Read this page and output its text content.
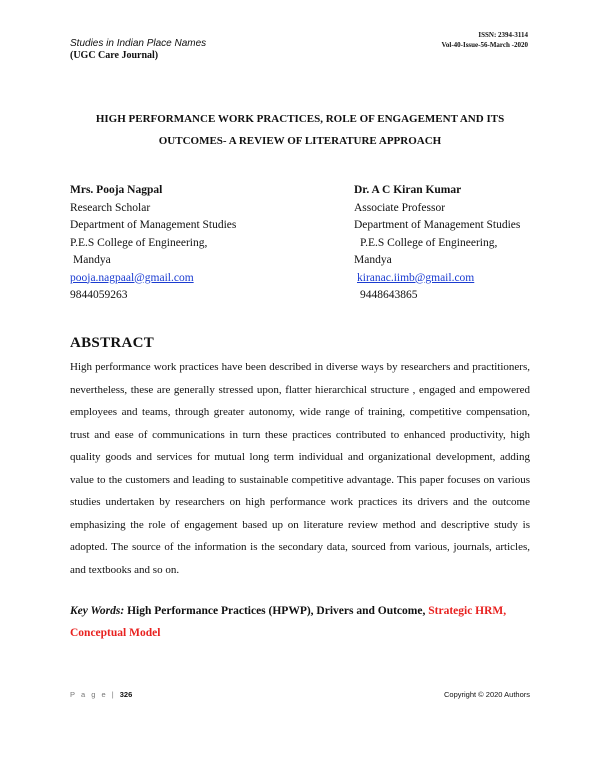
Studies in Indian Place Names
(UGC Care Journal)
ISSN: 2394-3114
Vol-40-Issue-56-March -2020
HIGH PERFORMANCE WORK PRACTICES, ROLE OF ENGAGEMENT AND ITS
OUTCOMES- A REVIEW OF LITERATURE APPROACH
Mrs. Pooja Nagpal
Research Scholar
Department of Management Studies
P.E.S College of Engineering,
Mandya
pooja.nagpaal@gmail.com
9844059263
Dr. A C Kiran Kumar
Associate Professor
Department of Management Studies
P.E.S College of Engineering,
Mandya
kiranac.iimb@gmail.com
9448643865
ABSTRACT
High performance work practices have been described in diverse ways by researchers and practitioners, nevertheless, these are generally stressed upon, flatter hierarchical structure , engaged and empowered employees and teams, through greater autonomy, wide range of training, competitive compensation, trust and ease of communications in turn these practices contributed to enhanced productivity, high quality goods and services for mutual long term individual and organizational development, adding value to the customers and leading to sustainable competitive advantage. This paper focuses on various studies undertaken by researchers on high performance work practices its drivers and the outcome emphasizing the role of engagement based up on literature review method and descriptive study is adopted. The source of the information is the secondary data, sourced from various, journals, articles, and textbooks and so on.
Key Words: High Performance Practices (HPWP), Drivers and Outcome, Strategic HRM,
Conceptual Model
P a g e | 326	Copyright © 2020 Authors
